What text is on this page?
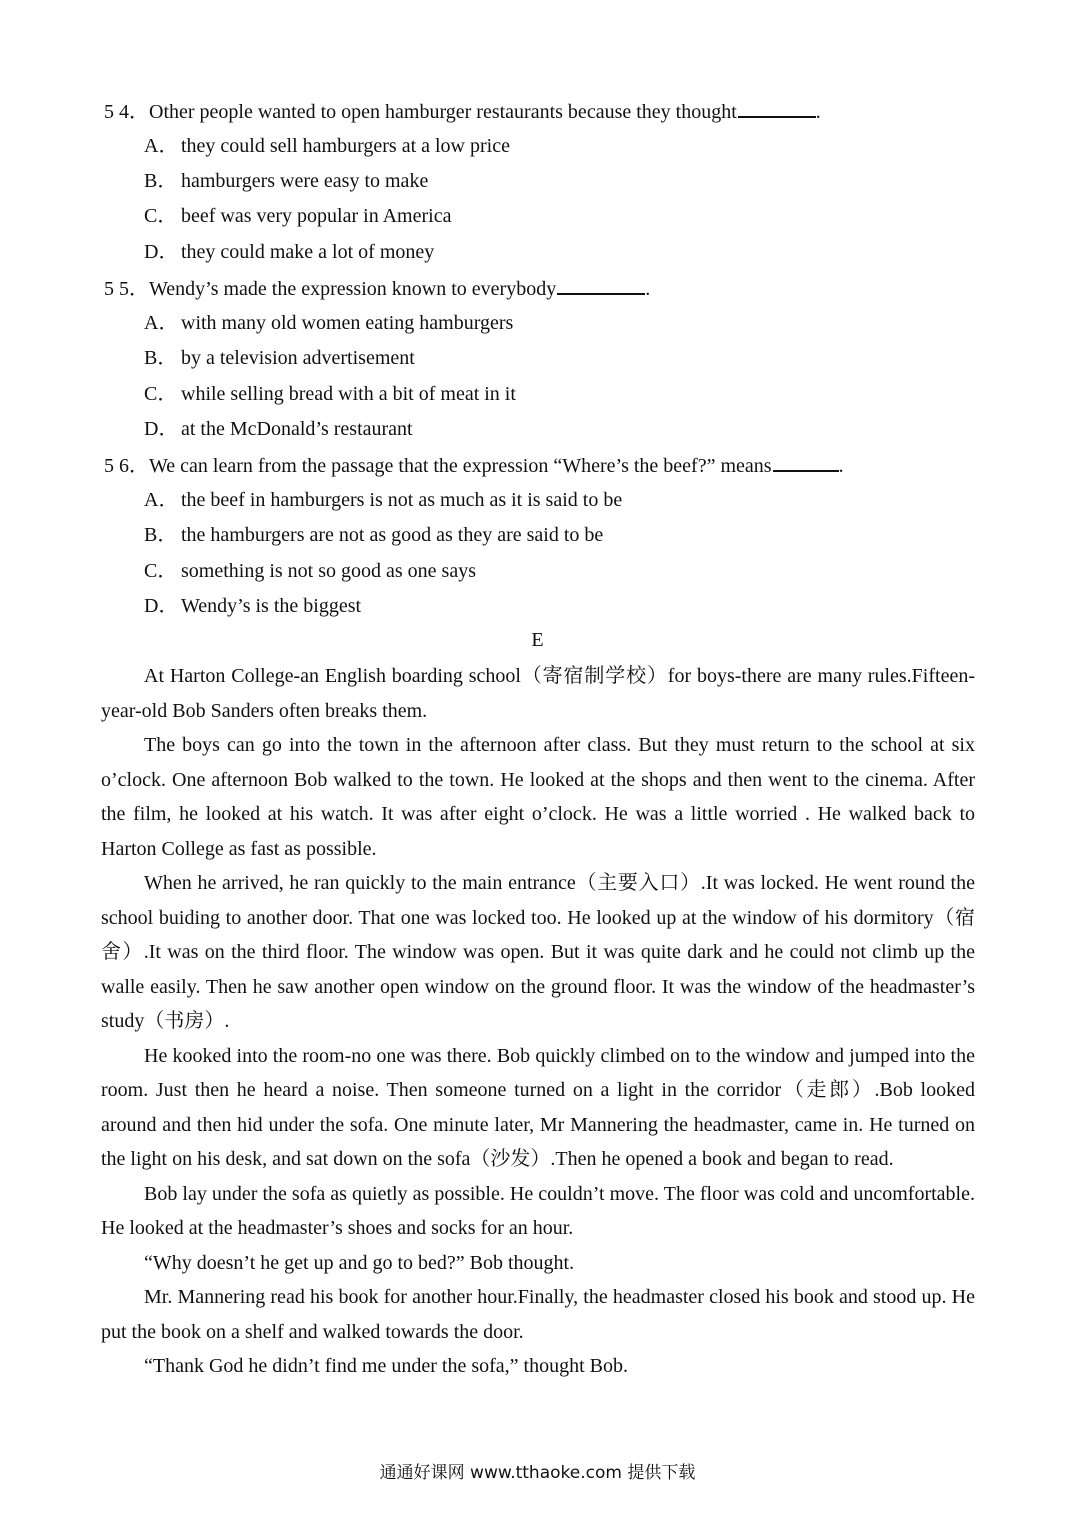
5 4．Other people wanted to open hamburger restaurants because they thought	.
A． they could sell hamburgers at a low price
B． hamburgers were easy to make
C． beef was very popular in America
D． they could make a lot of money
5 5．Wendy’s made the expression known to everybody	.
A． with many old women eating hamburgers
B． by a television advertisement
C． while selling bread with a bit of meat in it
D． at the McDonald’s restaurant
5 6．We can learn from the passage that the expression “Where’s the beef?” means	.
A． the beef in hamburgers is not as much as it is said to be
B． the hamburgers are not as good as they are said to be
C． something is not so good as one says
D． Wendy’s is the biggest
E

At Harton College-an English boarding school（寄宿制学校）for boys-there are many rules.Fifteen-year-old Bob Sanders often breaks them.

The boys can go into the town in the afternoon after class. But they must return to the school at six o’clock. One afternoon Bob walked to the town. He looked at the shops and then went to the cinema. After the film, he looked at his watch. It was after eight o’clock. He was a little worried . He walked back to Harton College as fast as possible.

When he arrived, he ran quickly to the main entrance（主要入口）.It was locked. He went round the school buiding to another door. That one was locked too. He looked up at the window of his dormitory（宿舍）.It was on the third floor. The window was open. But it was quite dark and he could not climb up the walle easily. Then he saw another open window on the ground floor. It was the window of the headmaster’s study（书房）.

He kooked into the room-no one was there. Bob quickly climbed on to the window and jumped into the room. Just then he heard a noise. Then someone turned on a light in the corridor（走郎）.Bob looked around and then hid under the sofa. One minute later, Mr Mannering the headmaster, came in. He turned on the light on his desk, and sat down on the sofa（沙发）.Then he opened a book and began to read.

Bob lay under the sofa as quietly as possible. He couldn’t move. The floor was cold and uncomfortable. He looked at the headmaster’s shoes and socks for an hour.

“Why doesn’t he get up and go to bed?” Bob thought.

Mr. Mannering read his book for another hour.Finally, the headmaster closed his book and stood up. He put the book on a shelf and walked towards the door.

“Thank God he didn’t find me under the sofa,” thought Bob.

通通好课网 www.tthaoke.com 提供下载
